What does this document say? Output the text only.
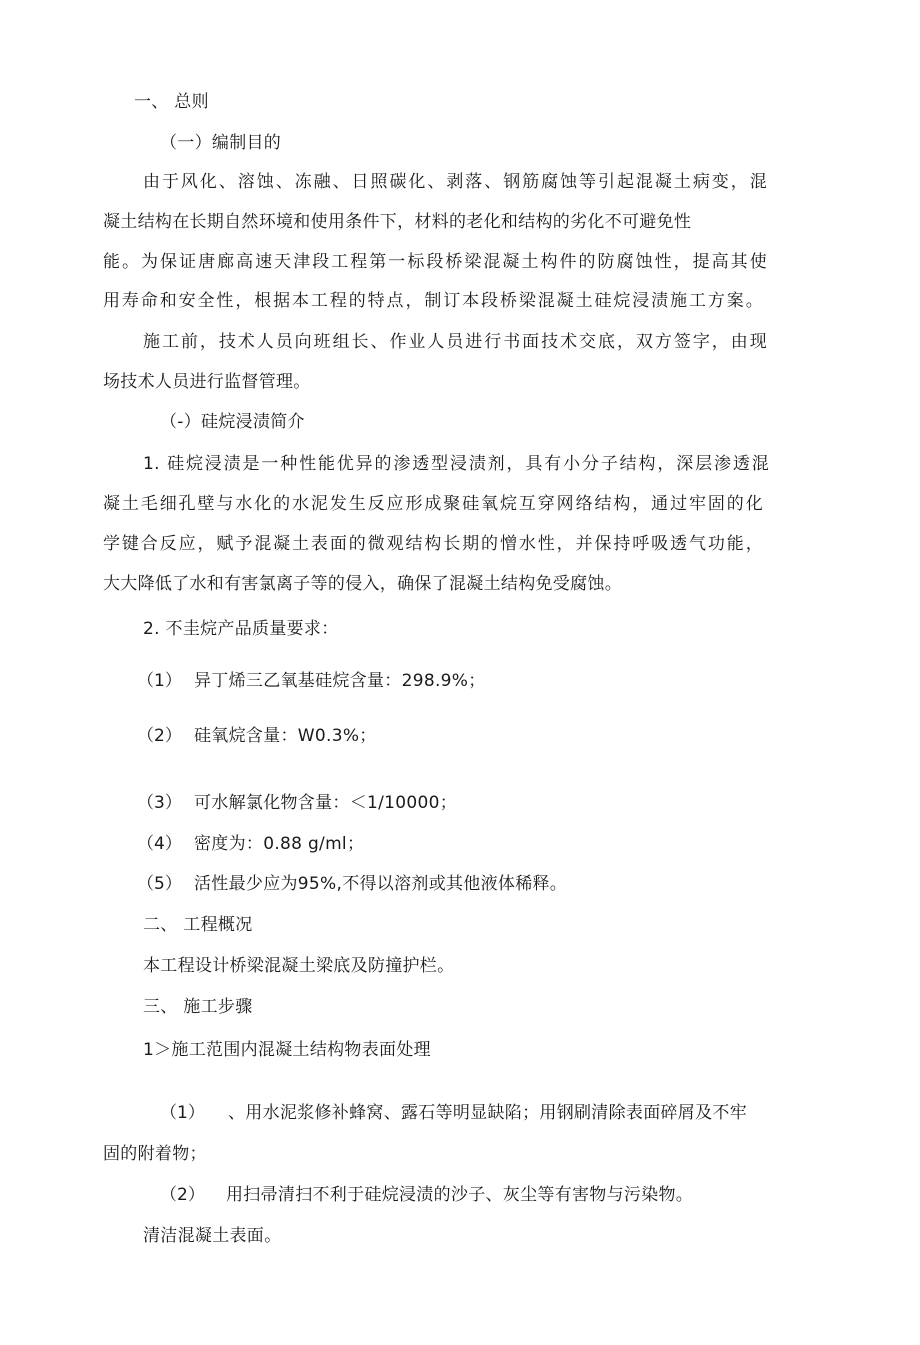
一、 总则
（一）编制目的
由于风化、溶蚀、冻融、日照碳化、剥落、钢筋腐蚀等引起混凝土病变，混
凝土结构在长期自然环境和使用条件下，材料的老化和结构的劣化不可避免性
能。为保证唐廊高速天津段工程第一标段桥梁混凝土构件的防腐蚀性，提高其使
用寿命和安全性，根据本工程的特点，制订本段桥梁混凝土硅烷浸渍施工方案。
施工前，技术人员向班组长、作业人员进行书面技术交底，双方签字，由现
场技术人员进行监督管理。
（-）硅烷浸渍简介
1. 硅烷浸渍是一种性能优异的渗透型浸渍剂，具有小分子结构，深层渗透混
凝土毛细孔壁与水化的水泥发生反应形成聚硅氧烷互穿网络结构，通过牢固的化
学键合反应，赋予混凝土表面的微观结构长期的憎水性，并保持呼吸透气功能，
大大降低了水和有害氯离子等的侵入，确保了混凝土结构免受腐蚀。
2. 不圭烷产品质量要求：
（1） 异丁烯三乙氧基硅烷含量：298.9%；
（2） 硅氧烷含量：W0.3%；
（3） 可水解氯化物含量：＜1/10000；
（4） 密度为：0.88 g/ml；
（5） 活性最少应为95%,不得以溶剂或其他液体稀释。
二、 工程概况
本工程设计桥梁混凝土梁底及防撞护栏。
三、 施工步骤
1＞施工范围内混凝土结构物表面处理
（1） 、用水泥浆修补蜂窝、露石等明显缺陷；用钢刷清除表面碎屑及不牢
固的附着物；
（2） 用扫帚清扫不利于硅烷浸渍的沙子、灰尘等有害物与污染物。
清洁混凝土表面。
